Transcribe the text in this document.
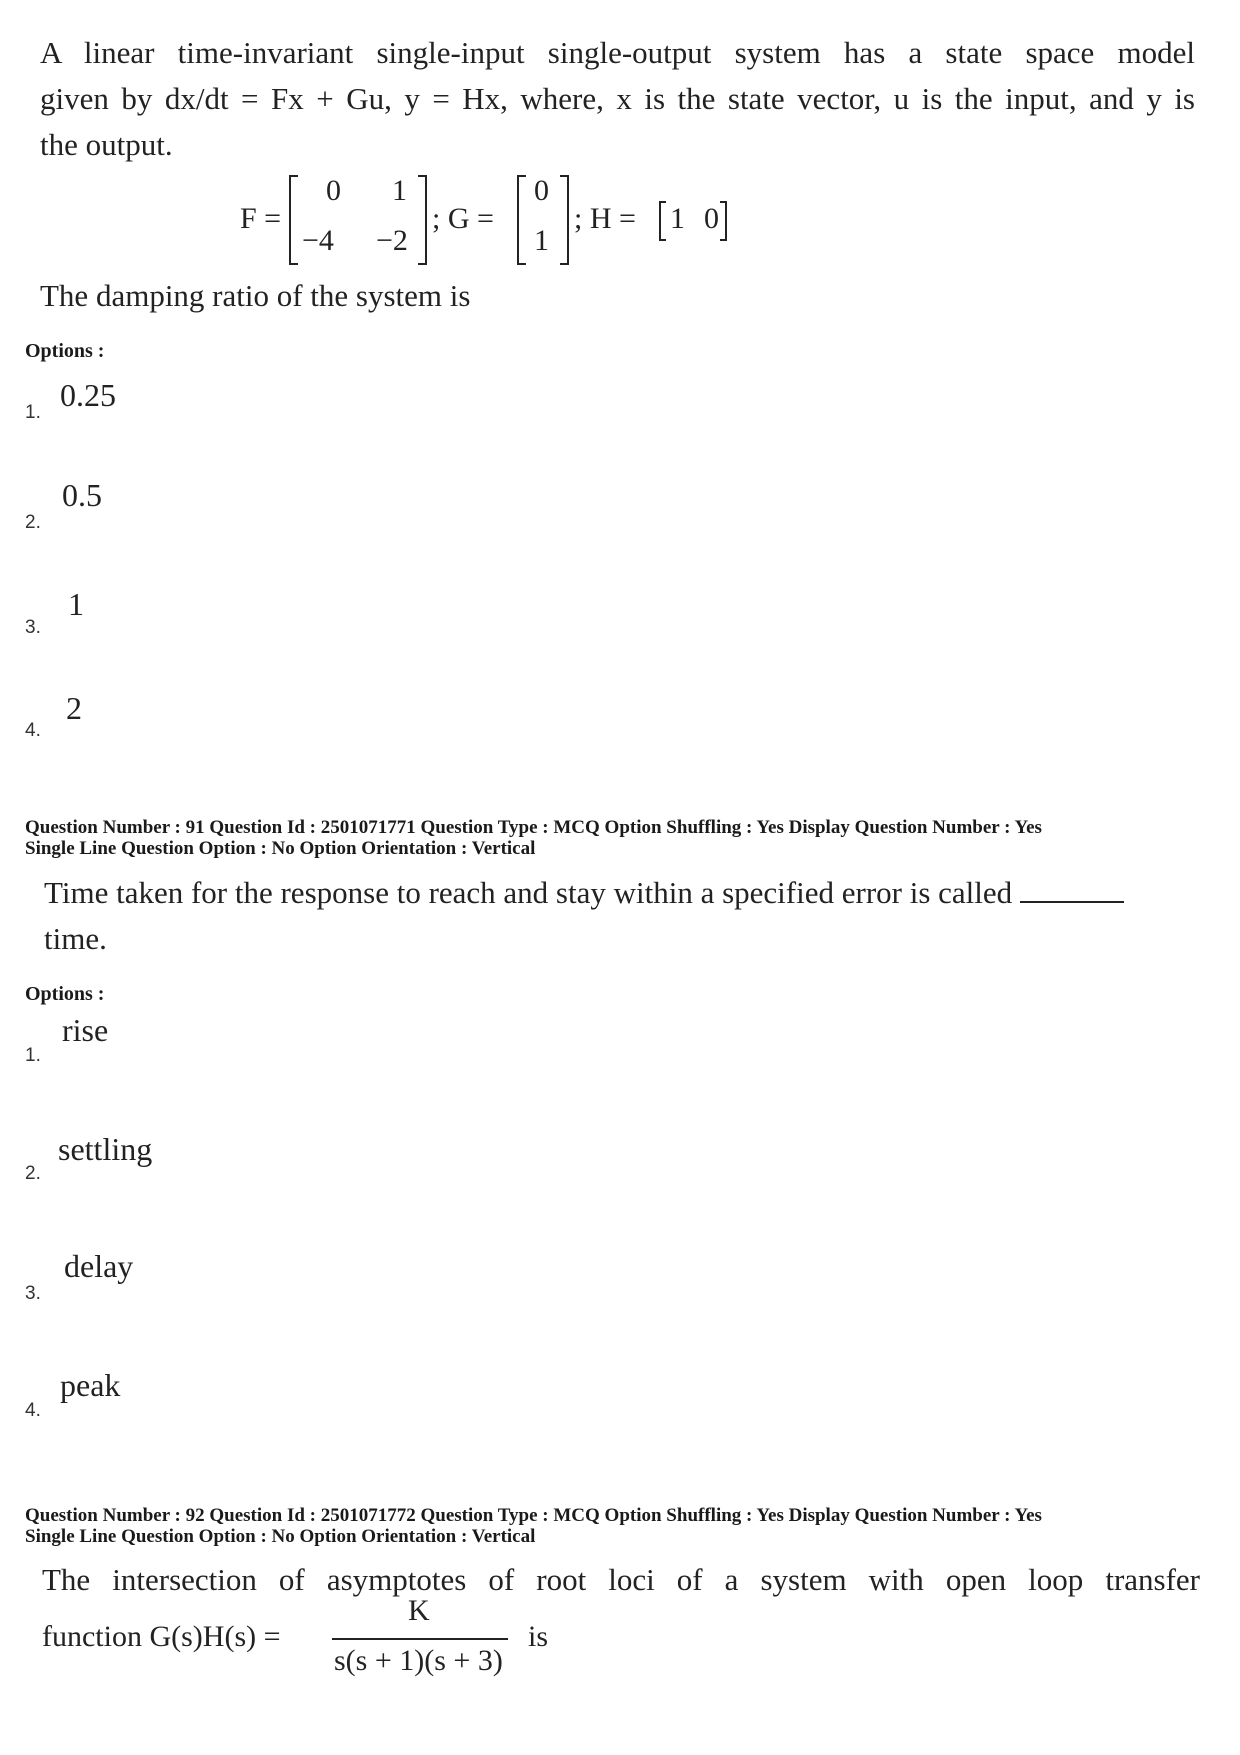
A linear time-invariant single-input single-output system has a state space model
given by dx/dt = Fx + Gu, y = Hx, where, x is the state vector, u is the input, and y is
the output.
F =
0 1
−4 −2
; G =
0
1
; H = 1 0
The damping ratio of the system is
Options :
1. 0.25
2.
0.5
3.
1
4.
2
Question Number : 91 Question Id : 2501071771 Question Type : MCQ Option Shuffling : Yes Display Question Number : Yes
Single Line Question Option : No Option Orientation : Vertical
Time taken for the response to reach and stay within a specified error is called
time.
Options :
1.
rise
2.
settling
3.
delay
4.
peak
Question Number : 92 Question Id : 2501071772 Question Type : MCQ Option Shuffling : Yes Display Question Number : Yes
Single Line Question Option : No Option Orientation : Vertical
The intersection of asymptotes of root loci of a system with open loop transfer
function G(s)H(s) =
K
s(s + 1)(s + 3)
is
